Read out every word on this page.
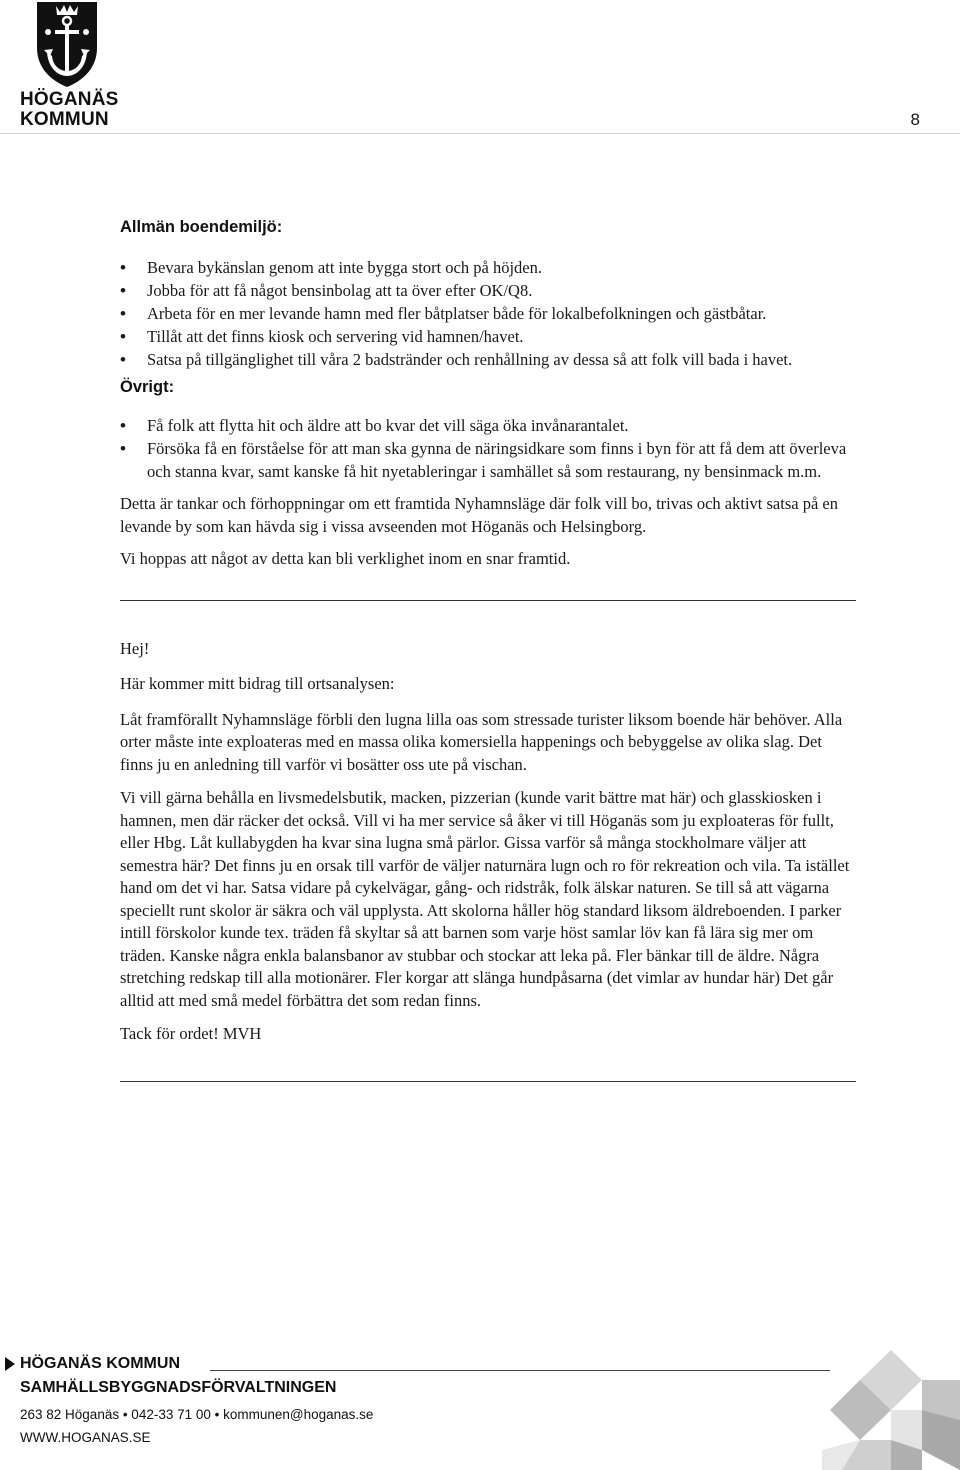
HÖGANÄS
KOMMUN	8
Allmän boendemiljö:
• Bevara bykänslan genom att inte bygga stort och på höjden.
• Jobba för att få något bensinbolag att ta över efter OK/Q8.
• Arbeta för en mer levande hamn med fler båtplatser både för lokalbefolkningen och gästbåtar.
• Tillåt att det finns kiosk och servering vid hamnen/havet.
• Satsa på tillgänglighet till våra 2 badstränder och renhållning av dessa så att folk vill bada i havet.
Övrigt:
• Få folk att flytta hit och äldre att bo kvar det vill säga öka invånarantalet.
• Försöka få en förståelse för att man ska gynna de näringsidkare som finns i byn för att få dem att överleva och stanna kvar, samt kanske få hit nyetableringar i samhället så som restaurang, ny bensinmack m.m.

Detta är tankar och förhoppningar om ett framtida Nyhamnsläge där folk vill bo, trivas och aktivt satsa på en levande by som kan hävda sig i vissa avseenden mot Höganäs och Helsingborg.

Vi hoppas att något av detta kan bli verklighet inom en snar framtid.

Hej!

Här kommer mitt bidrag till ortsanalysen:

Låt framförallt Nyhamnsläge förbli den lugna lilla oas som stressade turister liksom boende här behöver. Alla orter måste inte exploateras med en massa olika komersiella happenings och bebyggelse av olika slag. Det finns ju en anledning till varför vi bosätter oss ute på vischan.

Vi vill gärna behålla en livsmedelsbutik, macken, pizzerian (kunde varit bättre mat här) och glasskiosken i hamnen, men där räcker det också. Vill vi ha mer service så åker vi till Höganäs som ju exploateras för fullt, eller Hbg. Låt kullabygden ha kvar sina lugna små pärlor. Gissa varför så många stockholmare väljer att semestra här? Det finns ju en orsak till varför de väljer naturnära lugn och ro för rekreation och vila. Ta istället hand om det vi har. Satsa vidare på cykelvägar, gång- och ridstråk, folk älskar naturen. Se till så att vägarna speciellt runt skolor är säkra och väl upplysta. Att skolorna håller hög standard liksom äldreboenden. I parker intill förskolor kunde tex. träden få skyltar så att barnen som varje höst samlar löv kan få lära sig mer om träden. Kanske några enkla balansbanor av stubbar och stockar att leka på. Fler bänkar till de äldre. Några stretching redskap till alla motionärer. Fler korgar att slänga hundpåsarna (det vimlar av hundar här) Det går alltid att med små medel förbättra det som redan finns.

Tack för ordet! MVH

HÖGANÄS KOMMUN
SAMHÄLLSBYGGNADSFÖRVALTNINGEN
263 82 Höganäs • 042-33 71 00 • kommunen@hoganas.se
WWW.HOGANAS.SE
